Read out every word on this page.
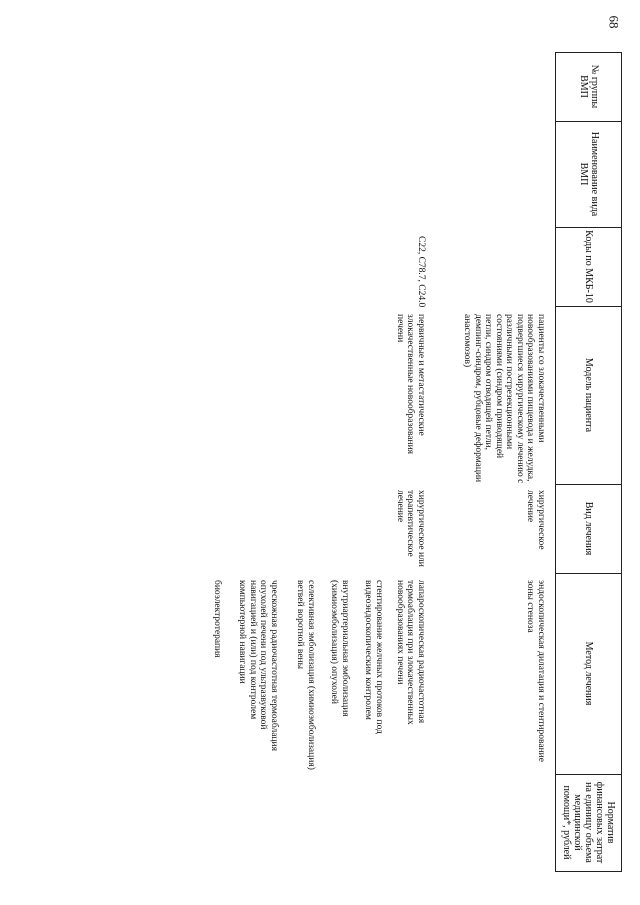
68
№ группы ВМП
Наименование вида ВМП
Коды по МКБ-10
Модель пациента
Вид лечения
Метод лечения
Норматив финансовых затрат на единицу объема медицинской помощи*, рублей
пациенты со злокачественными новообразованиями пищевода и желудка, подвергшиеся хирургическому лечению с различными пострезекционными состояниями (синдром приводящей петли, синдром отводящей петли, демпинг-синдром, рубцовые деформации анастомозов)
хирургическое лечение
эндоскопическая дилатация и стентирование зоны стеноза
C22, C78.7, C24.0
первичные и метастатические злокачественные новообразования печени
хирургическое или терапевтическое лечение
лапароскопическая радиочастотная термоаблация при злокачественных новообразованиях печени
стентирование желчных протоков под видеоэндоскопическим контролем
внутриартериальная эмболизация (химиоэмболизация) опухолей
селективная эмболизация (химиоэмболизация) ветвей воротной вены
чрескожная радиочастотная термоаблация опухолей печени под ультразвуковой навигацией и (или) под контролем компьютерной навигации
биоэлектротерапия
